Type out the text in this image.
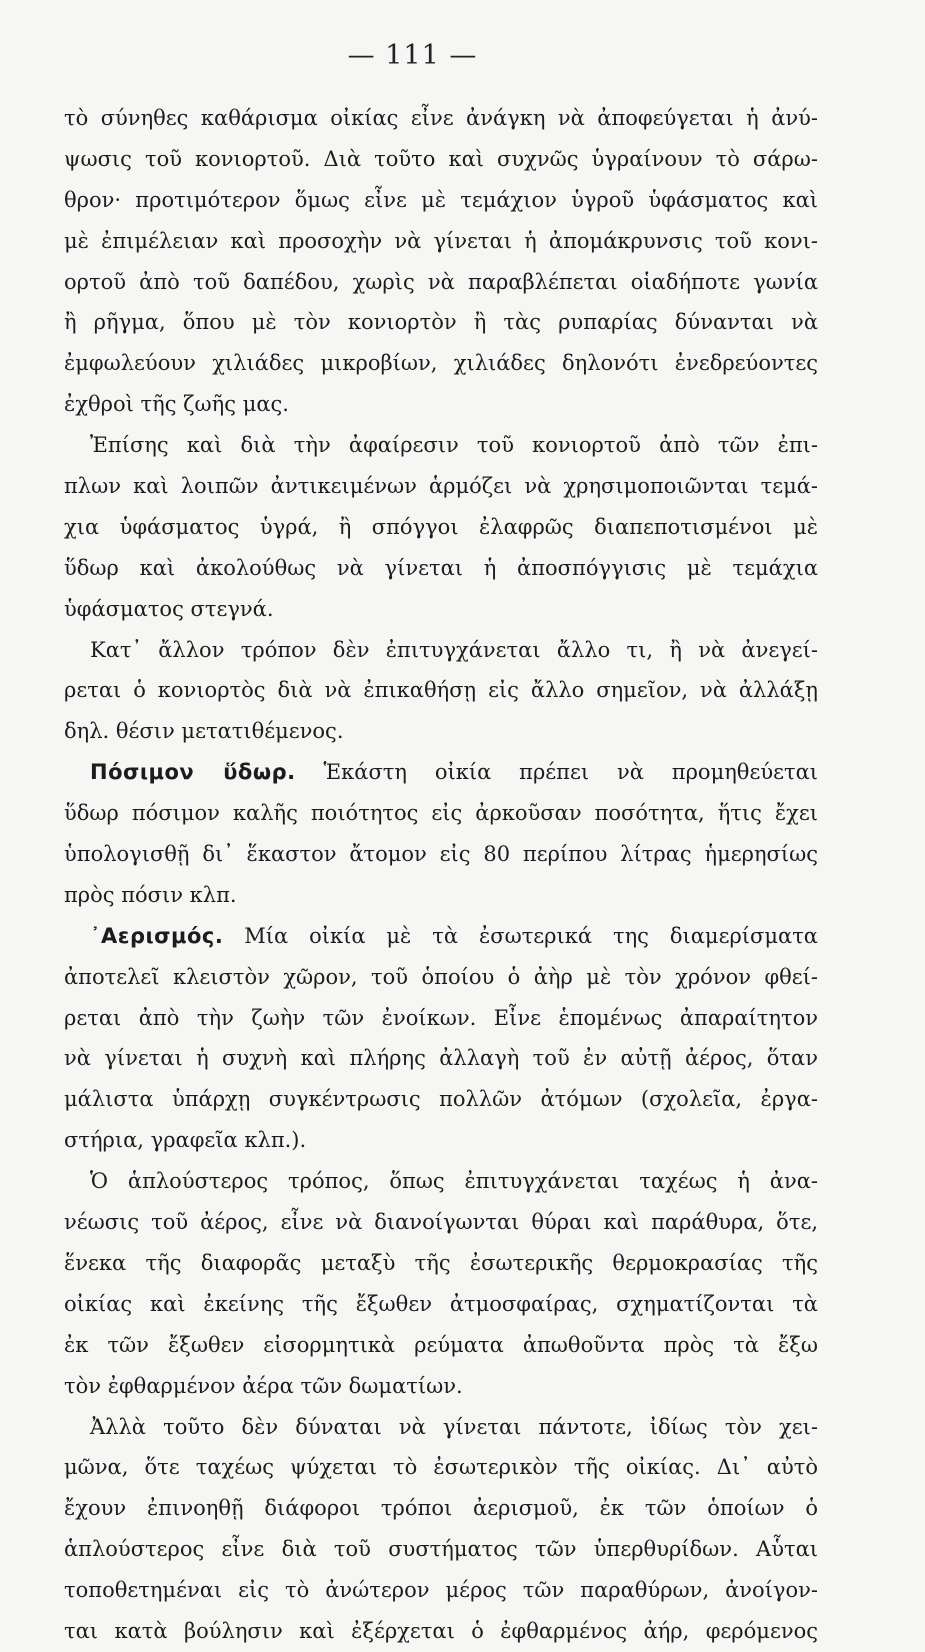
— 111 —
τὸ σύνηθες καθάρισμα οἰκίας εἶνε ἀνάγκη νὰ ἀποφεύγεται ἡ ἀνύ-
ψωσις τοῦ κονιορτοῦ. Διὰ τοῦτο καὶ συχνῶς ὑγραίνουν τὸ σάρω-
θρον· προτιμότερον ὅμως εἶνε μὲ τεμάχιον ὑγροῦ ὑφάσματος καὶ
μὲ ἐπιμέλειαν καὶ προσοχὴν νὰ γίνεται ἡ ἀπομάκρυνσις τοῦ κονι-
ορτοῦ ἀπὸ τοῦ δαπέδου, χωρὶς νὰ παραβλέπεται οἱαδήποτε γωνία
ἢ ρῆγμα, ὅπου μὲ τὸν κονιορτὸν ἢ τὰς ρυπαρίας δύνανται νὰ
ἐμφωλεύουν χιλιάδες μικροβίων, χιλιάδες δηλονότι ἐνεδρεύοντες
ἐχθροὶ τῆς ζωῆς μας.
Ἐπίσης καὶ διὰ τὴν ἀφαίρεσιν τοῦ κονιορτοῦ ἀπὸ τῶν ἐπι-
πλων καὶ λοιπῶν ἀντικειμένων ἁρμόζει νὰ χρησιμοποιῶνται τεμά-
χια ὑφάσματος ὑγρά, ἢ σπόγγοι ἐλαφρῶς διαπεποτισμένοι μὲ
ὕδωρ καὶ ἀκολούθως νὰ γίνεται ἡ ἀποσπόγγισις μὲ τεμάχια
ὑφάσματος στεγνά.
Κατ᾿ ἄλλον τρόπον δὲν ἐπιτυγχάνεται ἄλλο τι, ἢ νὰ ἀνεγεί-
ρεται ὁ κονιορτὸς διὰ νὰ ἐπικαθήσῃ εἰς ἄλλο σημεῖον, νὰ ἀλλάξῃ
δηλ. θέσιν μετατιθέμενος.
Πόσιμον ὕδωρ. Ἑκάστη οἰκία πρέπει νὰ προμηθεύεται
ὕδωρ πόσιμον καλῆς ποιότητος εἰς ἀρκοῦσαν ποσότητα, ἥτις ἔχει
ὑπολογισθῇ δι᾿ ἕκαστον ἄτομον εἰς 80 περίπου λίτρας ἡμερησίως
πρὸς πόσιν κλπ.
᾿Αερισμός. Μία οἰκία μὲ τὰ ἐσωτερικά της διαμερίσματα
ἀποτελεῖ κλειστὸν χῶρον, τοῦ ὁποίου ὁ ἀὴρ μὲ τὸν χρόνον φθεί-
ρεται ἀπὸ τὴν ζωὴν τῶν ἐνοίκων. Εἶνε ἑπομένως ἀπαραίτητον
νὰ γίνεται ἡ συχνὴ καὶ πλήρης ἀλλαγὴ τοῦ ἐν αὐτῇ ἀέρος, ὅταν
μάλιστα ὑπάρχῃ συγκέντρωσις πολλῶν ἀτόμων (σχολεῖα, ἐργα-
στήρια, γραφεῖα κλπ.).
Ὁ ἁπλούστερος τρόπος, ὅπως ἐπιτυγχάνεται ταχέως ἡ ἀνα-
νέωσις τοῦ ἀέρος, εἶνε νὰ διανοίγωνται θύραι καὶ παράθυρα, ὅτε,
ἕνεκα τῆς διαφορᾶς μεταξὺ τῆς ἐσωτερικῆς θερμοκρασίας τῆς
οἰκίας καὶ ἐκείνης τῆς ἔξωθεν ἀτμοσφαίρας, σχηματίζονται τὰ
ἐκ τῶν ἔξωθεν εἰσορμητικὰ ρεύματα ἀπωθοῦντα πρὸς τὰ ἔξω
τὸν ἐφθαρμένον ἀέρα τῶν δωματίων.
Ἀλλὰ τοῦτο δὲν δύναται νὰ γίνεται πάντοτε, ἰδίως τὸν χει-
μῶνα, ὅτε ταχέως ψύχεται τὸ ἐσωτερικὸν τῆς οἰκίας. Δι᾿ αὐτὸ
ἔχουν ἐπινοηθῇ διάφοροι τρόποι ἀερισμοῦ, ἐκ τῶν ὁποίων ὁ
ἁπλούστερος εἶνε διὰ τοῦ συστήματος τῶν ὑπερθυρίδων. Αὗται
τοποθετημέναι εἰς τὸ ἀνώτερον μέρος τῶν παραθύρων, ἀνοίγον-
ται κατὰ βούλησιν καὶ ἐξέρχεται ὁ ἐφθαρμένος ἀήρ, φερόμενος
